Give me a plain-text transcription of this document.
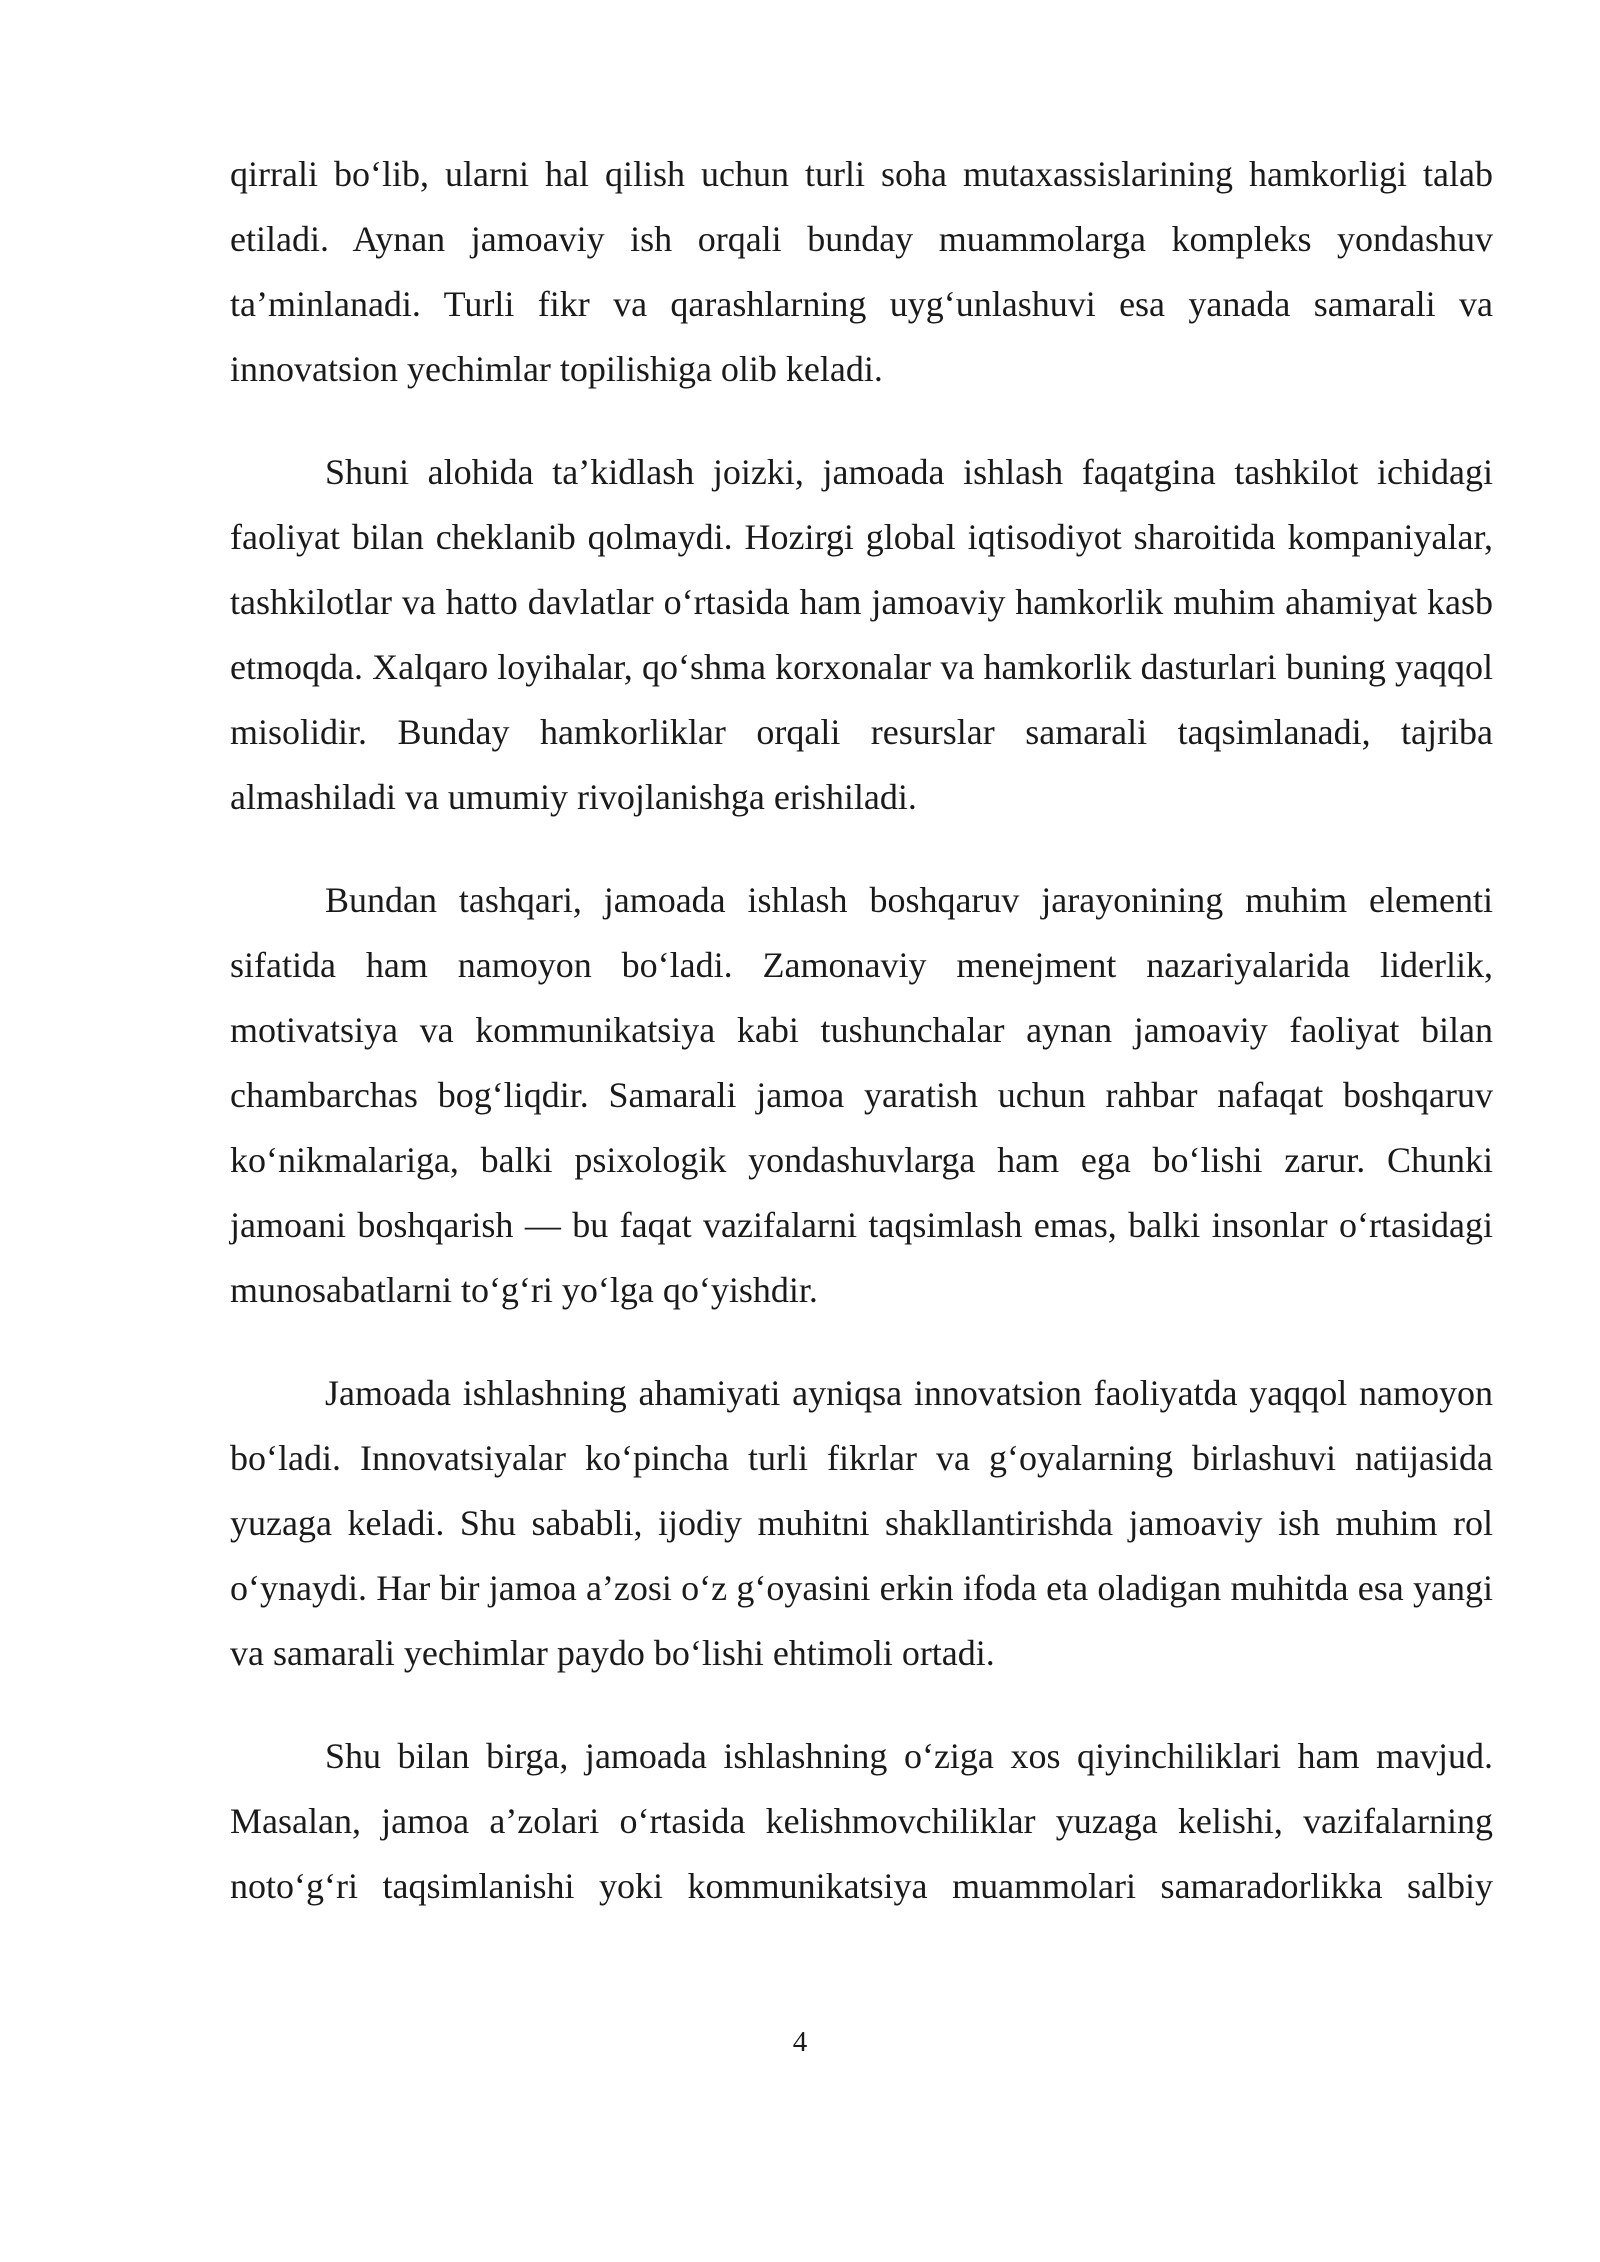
qirrali bo‘lib, ularni hal qilish uchun turli soha mutaxassislarining hamkorligi talab etiladi. Aynan jamoaviy ish orqali bunday muammolarga kompleks yondashuv ta’minlanadi. Turli fikr va qarashlarning uyg‘unlashuvi esa yanada samarali va innovatsion yechimlar topilishiga olib keladi.

Shuni alohida ta’kidlash joizki, jamoada ishlash faqatgina tashkilot ichidagi faoliyat bilan cheklanib qolmaydi. Hozirgi global iqtisodiyot sharoitida kompaniyalar, tashkilotlar va hatto davlatlar o‘rtasida ham jamoaviy hamkorlik muhim ahamiyat kasb etmoqda. Xalqaro loyihalar, qo‘shma korxonalar va hamkorlik dasturlari buning yaqqol misolidir. Bunday hamkorliklar orqali resurslar samarali taqsimlanadi, tajriba almashiladi va umumiy rivojlanishga erishiladi.

Bundan tashqari, jamoada ishlash boshqaruv jarayonining muhim elementi sifatida ham namoyon bo‘ladi. Zamonaviy menejment nazariyalarida liderlik, motivatsiya va kommunikatsiya kabi tushunchalar aynan jamoaviy faoliyat bilan chambarchas bog‘liqdir. Samarali jamoa yaratish uchun rahbar nafaqat boshqaruv ko‘nikmalariga, balki psixologik yondashuvlarga ham ega bo‘lishi zarur. Chunki jamoani boshqarish — bu faqat vazifalarni taqsimlash emas, balki insonlar o‘rtasidagi munosabatlarni to‘g‘ri yo‘lga qo‘yishdir.

Jamoada ishlashning ahamiyati ayniqsa innovatsion faoliyatda yaqqol namoyon bo‘ladi. Innovatsiyalar ko‘pincha turli fikrlar va g‘oyalarning birlashuvi natijasida yuzaga keladi. Shu sababli, ijodiy muhitni shakllantirishda jamoaviy ish muhim rol o‘ynaydi. Har bir jamoa a’zosi o‘z g‘oyasini erkin ifoda eta oladigan muhitda esa yangi va samarali yechimlar paydo bo‘lishi ehtimoli ortadi.

Shu bilan birga, jamoada ishlashning o‘ziga xos qiyinchiliklari ham mavjud. Masalan, jamoa a’zolari o‘rtasida kelishmovchiliklar yuzaga kelishi, vazifalarning noto‘g‘ri taqsimlanishi yoki kommunikatsiya muammolari samaradorlikka salbiy

4
